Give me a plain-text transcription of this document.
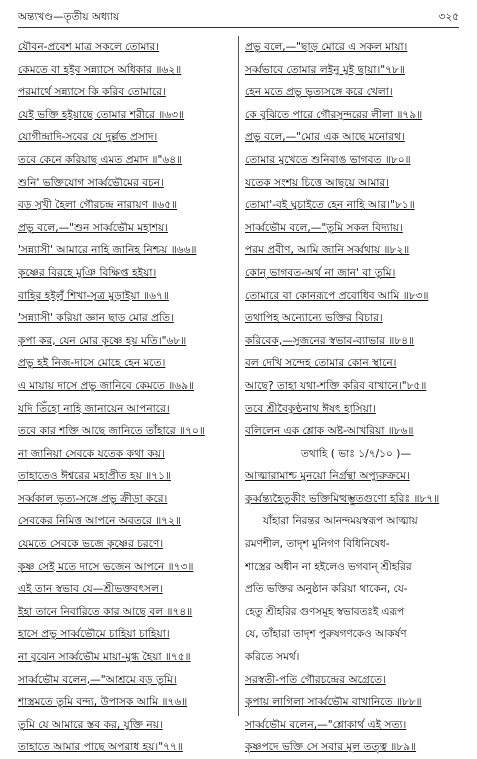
অন্ত্যখণ্ড—তৃতীয় অধ্যায়	৩২৫
যৌবন-প্রবেশ মাত্র সকলে তোমার।
কেমতে বা হইব সন্ন্যাসে অধিকার ॥৬২॥
পরমার্থে সন্ন্যাসে কি করিব তোমারে।
যেই ভক্তি হইয়াছে তোমার শরীরে ॥৬৩॥
যোগীন্দ্রাদি-সবের যে দুর্ল্লভ প্রসাদ।
তবে কেনে করিয়াছ এমত প্রমাদ ॥"৬৪॥
শুনি' ভক্তিযোগ সার্ব্বভৌমের বচন।
বড় সুখী হৈলা গৌরচন্দ্র নারায়ণ ॥৬৫॥
প্রভু বলে,—"শুন সার্ব্বভৌম মহাশয়।
'সন্ন্যাসী' আমারে নাহি জানিহ নিশ্চয় ॥৬৬॥
কৃষ্ণের বিরহে মুঞি বিক্ষিপ্ত হইয়া।
বাহির হইলুঁ শিখা-সূত্র মুড়াইয়া ॥৬৭॥
'সন্ন্যাসী' করিয়া জ্ঞান ছাড় মোর প্রতি।
কৃপা কর, যেন মোর কৃষ্ণে হয় মতি।"৬৮॥
প্রভু হই নিজ-দাসে মোহে হেন মতে।
এ মায়ায় দাসে প্রভু জানিবে কেমতে ॥৬৯॥
যদি তিঁহো নাহি জানায়েন আপনারে।
তবে কার শক্তি আছে জানিতে তাঁহারে ॥৭০॥
না জানিয়া সেবকে যতেক কথা কয়।
তাহাতেও ঈশ্বরের মহাপ্রীত হয় ॥৭১॥
সর্ব্বকাল ভৃত্য-সঙ্গে প্রভু ক্রীড়া করে।
সেবকের নিমিত্ত আপনে অবতরে ॥৭২॥
যেমতে সেবকে ভজে কৃষ্ণের চরণে।
কৃষ্ণ সেই মতে দাসে ভজেন আপনে ॥৭৩॥
এই তান স্বভাব যে—শ্রীভক্তবৎসল।
ইহা তানে নিবারিতে কার আছে বল ॥৭৪॥
হাসে প্রভু সার্ব্বভৌমে চাহিয়া চাহিয়া।
না বুঝেন সার্ব্বভৌম মায়া-মুগ্ধ হৈয়া ॥৭৫॥
সার্ব্বভৌম বলেন,—"আশ্রমে বড় তুমি।
শাস্ত্রমতে তুমি বন্দ্য, উপাসক আমি ॥৭৬॥
তুমি যে আমারে স্তব কর, যুক্তি নয়।
তাহাতে আমার পাছে অপরাধ হয়।"৭৭॥
প্রভু বলে,—"ছাড় মোরে এ সকল মায়া।
সর্ব্বভাবে তোমার লইনু মুই ছায়া।"৭৮॥
হেন মতে প্রভু ভৃত্যসঙ্গে করে খেলা।
কে বুঝিতে পারে গৌরসুন্দরের লীলা ॥৭৯॥
প্রভু বলে,—"মোর এক আছে মনোরথ।
তোমার মুখেতে শুনিবাঙ ভাগবত ॥৮০॥
যতেক সংশয় চিত্তে আছয়ে আমার।
তোমা'-বই ঘুচাইতে হেন নাহি আর।"৮১॥
সার্ব্বভৌম বলে,—"তুমি সকল বিদ্যায়।
পরম প্রবীণ, আমি জানি সর্ব্বথায় ॥৮২॥
কোন্ ভাগবত-অর্থ না জান' বা তুমি।
তোমারে বা কোনরূপে প্রবোধিব আমি ॥৮৩॥
তথাপিহ অন্যোন্যে ভক্তির বিচার।
করিবেক,—সুজনের স্বভাব-ব্যাভার ॥৮৪॥
বল দেখি সন্দেহ তোমার কোন স্থানে।
আছে? তাহা যথা-শক্তি করিব বাখানে।"৮৫॥
তবে শ্রীবৈকুণ্ঠনাথ ঈষৎ হাসিয়া।
বলিলেন এক শ্লোক অষ্ট-আখরিয়া ॥৮৬॥
তথাহি ( ভাঃ ১/৭/১০ )—
আত্মারামাশ্চ মুনয়ো নির্গ্রন্থা অপ্যুরুক্রমে।
কুর্ব্বন্ত্যহৈতুকীং ভক্তিমিত্থম্ভূতগুণো হরিঃ ॥৮৭॥
যাঁহারা নিরন্তর আনন্দময়স্বরূপ আত্মায়
রমণশীল, তাদৃশ মুনিগণ বিধিনিষেধ-
শাস্ত্রের অধীন না হইলেও ভগবান্ শ্রীহরির
প্রতি ভক্তির অনুষ্ঠান করিয়া থাকেন, যে-
হেতু শ্রীহরির গুণসমূহ স্বভাবতঃই এরূপ
যে, তাঁহারা তাদৃশ পুরুষগণকেও আকর্ষণ
করিতে সমর্থ।
সরস্বতী-পতি গৌরচন্দ্রের অগ্রেতে।
কৃপায় লাগিলা সার্ব্বভৌম বাখানিতে ॥৮৮॥
সার্ব্বভৌম বলেন,—"শ্লোকার্থ এই সত্য।
কৃষ্ণপদে ভক্তি সে সবার মূল তত্ত্ব ॥৮৯॥
